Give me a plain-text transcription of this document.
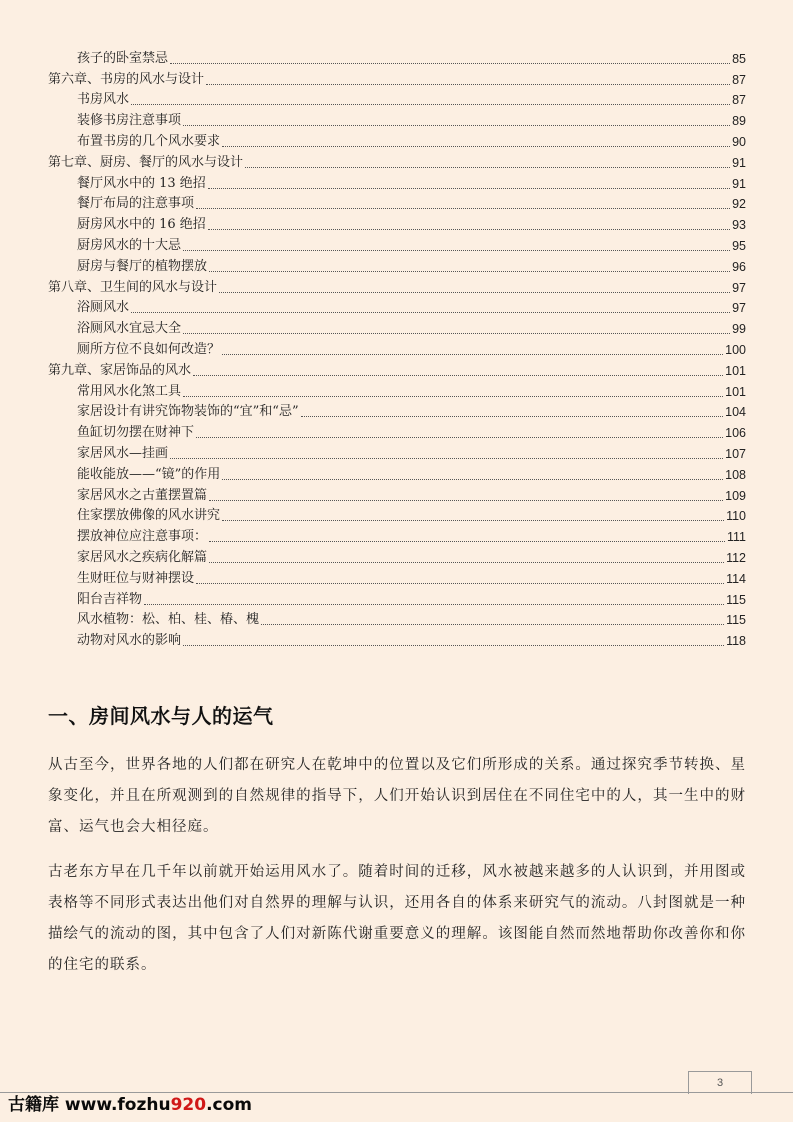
孩子的卧室禁忌	85
第六章、书房的风水与设计	87
书房风水	87
装修书房注意事项	89
布置书房的几个风水要求	90
第七章、厨房、餐厅的风水与设计	91
餐厅风水中的 13 绝招	91
餐厅布局的注意事项	92
厨房风水中的 16 绝招	93
厨房风水的十大忌	95
厨房与餐厅的植物摆放	96
第八章、卫生间的风水与设计	97
浴厕风水	97
浴厕风水宜忌大全	99
厕所方位不良如何改造？	100
第九章、家居饰品的风水	101
常用风水化煞工具	101
家居设计有讲究饰物装饰的“宜”和“忌”	104
鱼缸切勿摆在财神下	106
家居风水—挂画	107
能收能放——“镜”的作用	108
家居风水之古董摆置篇	109
住家摆放佛像的风水讲究	110
摆放神位应注意事项：	111
家居风水之疾病化解篇	112
生财旺位与财神摆设	114
阳台吉祥物	115
风水植物：松、柏、桂、椿、槐	115
动物对风水的影响	118
一、房间风水与人的运气

从古至今，世界各地的人们都在研究人在乾坤中的位置以及它们所形成的关系。通过探究季节转换、星象变化，并且在所观测到的自然规律的指导下，人们开始认识到居住在不同住宅中的人，其一生中的财富、运气也会大相径庭。

古老东方早在几千年以前就开始运用风水了。随着时间的迁移，风水被越来越多的人认识到，并用图或表格等不同形式表达出他们对自然界的理解与认识，还用各自的体系来研究气的流动。八封图就是一种描绘气的流动的图，其中包含了人们对新陈代谢重要意义的理解。该图能自然而然地帮助你改善你和你的住宅的联系。

3
古籍库 www.fozhu920.com
